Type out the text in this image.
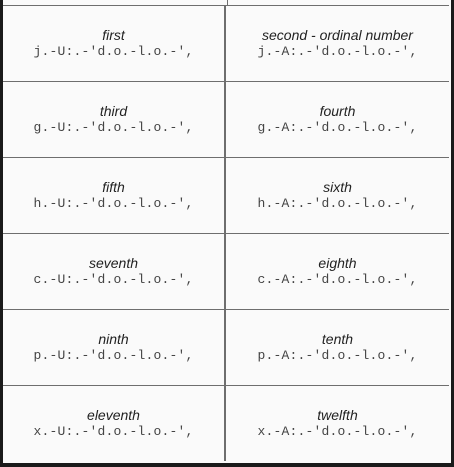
first
j.-U:.-'d.o.-l.o.-',
second - ordinal number
j.-A:.-'d.o.-l.o.-',
third
g.-U:.-'d.o.-l.o.-',
fourth
g.-A:.-'d.o.-l.o.-',
fifth
h.-U:.-'d.o.-l.o.-',
sixth
h.-A:.-'d.o.-l.o.-',
seventh
c.-U:.-'d.o.-l.o.-',
eighth
c.-A:.-'d.o.-l.o.-',
ninth
p.-U:.-'d.o.-l.o.-',
tenth
p.-A:.-'d.o.-l.o.-',
eleventh
x.-U:.-'d.o.-l.o.-',
twelfth
x.-A:.-'d.o.-l.o.-',
